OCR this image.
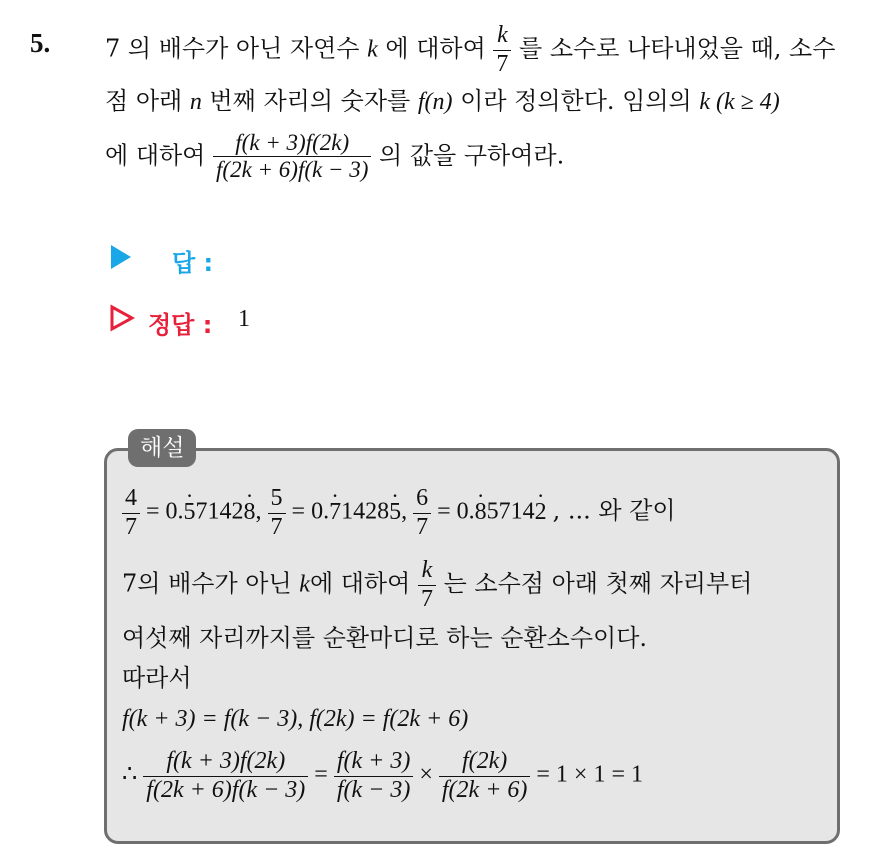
5. 7 의 배수가 아닌 자연수 k 에 대하여 $\frac{k}{7}$ 를 소수로 나타내었을 때, 소수
점 아래 n 번째 자리의 숫자를 f(n) 이라 정의한다. 임의의 k (k ≥ 4)
에 대하여 $\frac{f(k + 3)f(2k)}{f(2k + 6)f(k - 3)}$ 의 값을 구하여라.
답 :
정답 : 1
해설
$\frac{4}{7} = 0.\cdot 57142\cdot 8$, $\frac{5}{7} = 0.\cdot 71428\cdot 5$, $\frac{6}{7} = 0.\cdot 85714\cdot 2$ , ... 와 같이
7의 배수가 아닌 k에 대하여 $\frac{k}{7}$ 는 소수점 아래 첫째 자리부터
여섯째 자리까지를 순환마디로 하는 순환소수이다.
따라서
f(k + 3) = f(k − 3), f(2k) = f(2k + 6)
∴ $\frac{f(k + 3)f(2k)}{f(2k + 6)f(k - 3)} = \frac{f(k + 3)}{f(k - 3)} \times \frac{f(2k)}{f(2k + 6)} = 1 \times 1 = 1$
